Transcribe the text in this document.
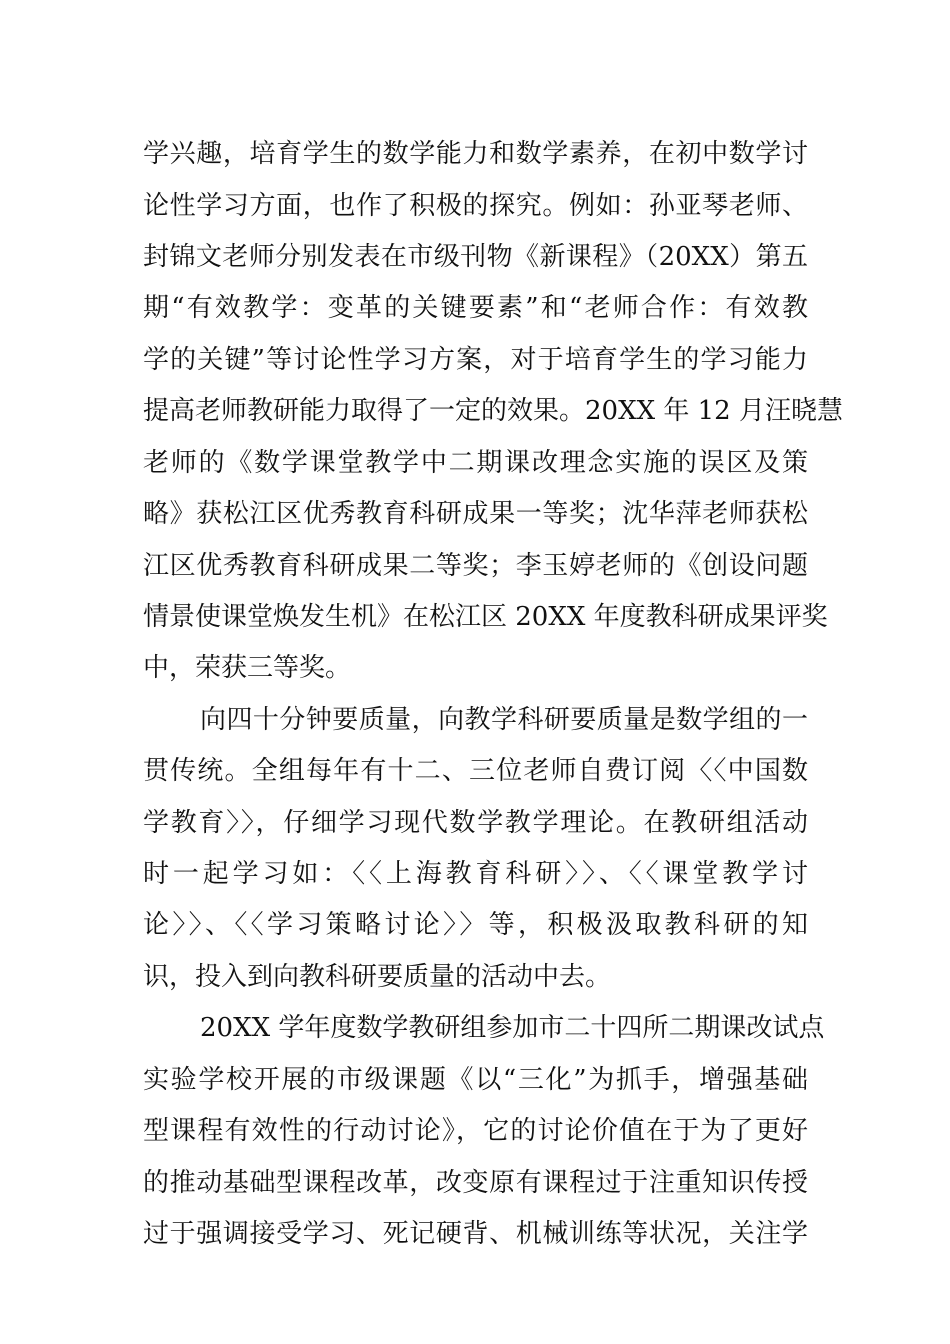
学兴趣，培育学生的数学能力和数学素养，在初中数学讨
论性学习方面，也作了积极的探究。例如：孙亚琴老师、
封锦文老师分别发表在市级刊物《新课程》（20XX）第五
期“有效教学：变革的关键要素”和“老师合作：有效教
学的关键”等讨论性学习方案，对于培育学生的学习能力
提高老师教研能力取得了一定的效果。20XX 年 12 月汪晓慧
老师的《数学课堂教学中二期课改理念实施的误区及策
略》获松江区优秀教育科研成果一等奖；沈华萍老师获松
江区优秀教育科研成果二等奖；李玉婷老师的《创设问题
情景使课堂焕发生机》在松江区 20XX 年度教科研成果评奖
中，荣获三等奖。
向四十分钟要质量，向教学科研要质量是数学组的一
贯传统。全组每年有十二、三位老师自费订阅〈〈中国数
学教育〉〉，仔细学习现代数学教学理论。在教研组活动
时一起学习如：〈〈上海教育科研〉〉、〈〈课堂教学讨
论〉〉、〈〈学习策略讨论〉〉等，积极汲取教科研的知
识，投入到向教科研要质量的活动中去。
20XX 学年度数学教研组参加市二十四所二期课改试点
实验学校开展的市级课题《以“三化”为抓手，增强基础
型课程有效性的行动讨论》，它的讨论价值在于为了更好
的推动基础型课程改革，改变原有课程过于注重知识传授
过于强调接受学习、死记硬背、机械训练等状况，关注学
